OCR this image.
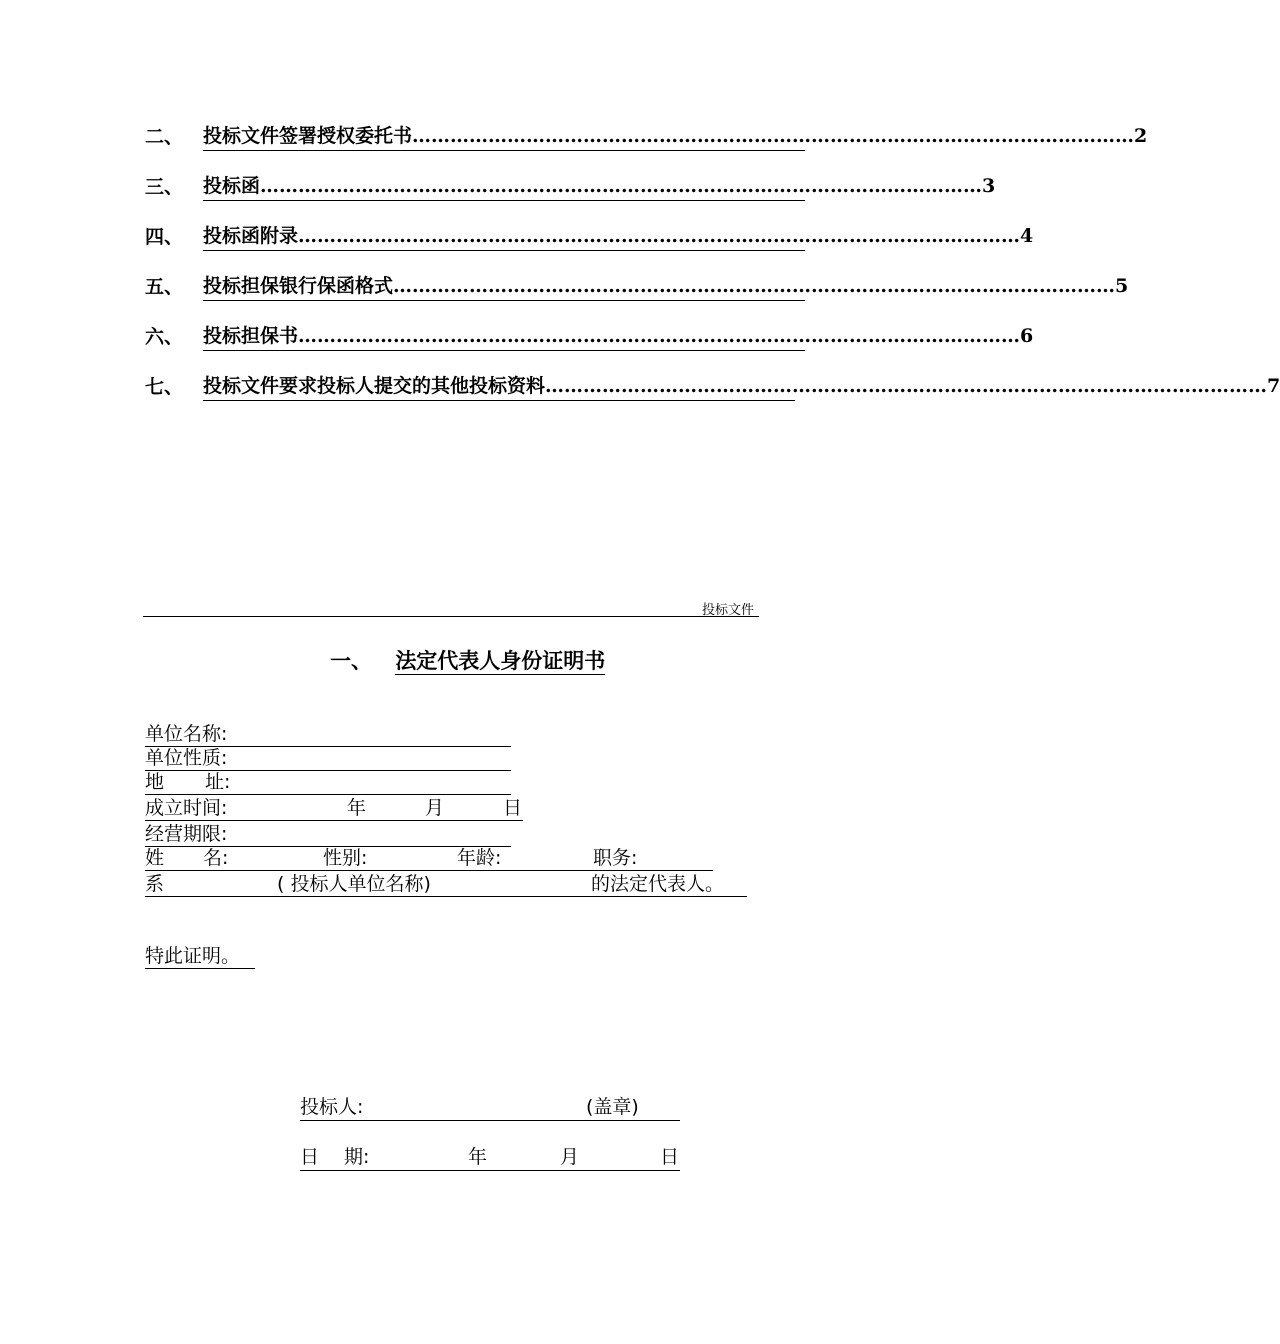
二、 投标文件签署授权委托书 …………………………………………………………………………………………………… 2
三、 投标函 …………………………………………………………………………………………………… 3
四、 投标函附录 …………………………………………………………………………………………………… 4
五、 投标担保银行保函格式 …………………………………………………………………………………………………… 5
六、 投标担保书 …………………………………………………………………………………………………… 6
七、 投标文件要求投标人提交的其他投标资料 …………………………………………………………………………………………………… 7
投标文件
一、 法定代表人身份证明书
单位名称:
单位性质:
地 址:
成立时间:	年	月	日
经营期限:
姓 名:	性别:	年龄:	职务:
系	( 投标人单位名称)	的法定代表人。
特此证明。
投标人:	(盖章)
日 期:	年	月	日
